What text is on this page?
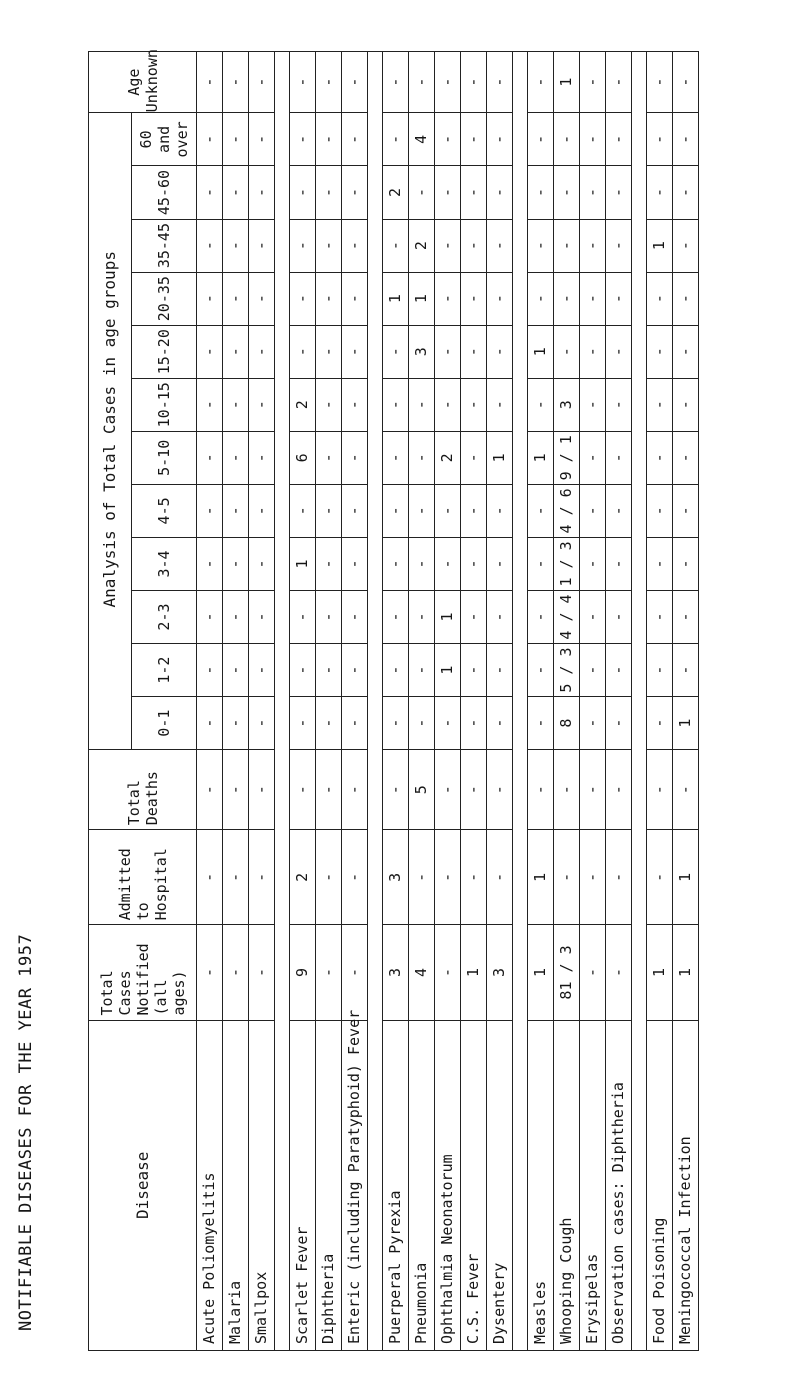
NOTIFIABLE DISEASES FOR THE YEAR 1957	Disease	Total Cases Notified (all ages)	Admitted to Hospital	Total Deaths	Analysis of Total Cases in age groups												Age Unknown
				0-1	1-2	2-3	3-4	4-5	5-10	10-15	15-20	20-35	35-45	45-60	60 and over	
Acute Poliomyelitis	-	-	-	-	-	-	-	-	-	-	-	-	-	-	-	-
Malaria	-	-	-	-	-	-	-	-	-	-	-	-	-	-	-	-
Smallpox	-	-	-	-	-	-	-	-	-	-	-	-	-	-	-	-

Scarlet Fever	9	2	-	-	-	-	1	-	6	2	-	-	-	-	-	-
Diphtheria	-	-	-	-	-	-	-	-	-	-	-	-	-	-	-	-
Enteric (including Paratyphoid) Fever	-	-	-	-	-	-	-	-	-	-	-	-	-	-	-	-

Puerperal Pyrexia	3	3	-	-	-	-	-	-	-	-	-	1	-	2	-	-
Pneumonia	4	-	5	-	-	-	-	-	-	-	3	1	2	-	4	-
Ophthalmia Neonatorum	-	-	-	-	1	1	-	-	2	-	-	-	-	-	-	-
C.S. Fever	1	-	-	-	-	-	-	-	-	-	-	-	-	-	-	-
Dysentery	3	-	-	-	-	-	-	-	1	-	-	-	-	-	-	-

Measles	1	1	-	-	-	-	-	-	1	-	1	-	-	-	-	-
Whooping Cough	81 / 3	-	-	8	5 / 3	4 / 4	1 / 3	4 / 6	9 / 1	3	-	-	-	-	-	1
Erysipelas	-	-	-	-	-	-	-	-	-	-	-	-	-	-	-	-
Observation cases: Diphtheria	-	-	-	-	-	-	-	-	-	-	-	-	-	-	-	-

Food Poisoning	1	-	-	-	-	-	-	-	-	-	-	-	1	-	-	-
Meningococcal Infection	1	1	-	1	-	-	-	-	-	-	-	-	-	-	-	-
